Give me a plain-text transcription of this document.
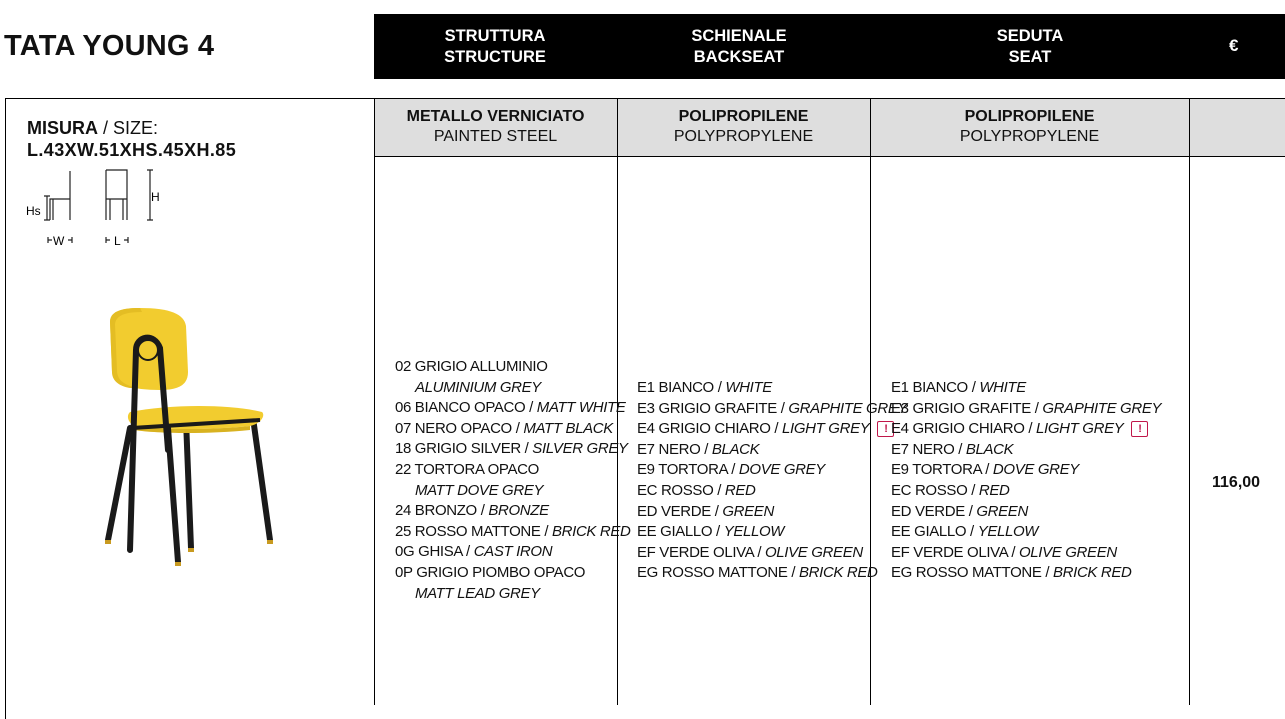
TATA YOUNG 4	STRUTTURA
STRUCTURE
SCHIENALE
BACKSEAT
SEDUTA
SEAT
€
MISURA / SIZE:
L.43XW.51XHS.45XH.85
Hs
H
W	L
METALLO VERNICIATO
PAINTED STEEL
POLIPROPILENE
POLYPROPYLENE
POLIPROPILENE
POLYPROPYLENE
02 GRIGIO ALLUMINIO
ALUMINIUM GREY
06 BIANCO OPACO / MATT WHITE
07 NERO OPACO / MATT BLACK
18 GRIGIO SILVER / SILVER GREY
22 TORTORA OPACO
MATT DOVE GREY
24 BRONZO / BRONZE
25 ROSSO MATTONE / BRICK RED
0G GHISA / CAST IRON
0P GRIGIO PIOMBO OPACO
MATT LEAD GREY
E1 BIANCO / WHITE
E3 GRIGIO GRAFITE / GRAPHITE GREY
E4 GRIGIO CHIARO / LIGHT GREY !
E7 NERO / BLACK
E9 TORTORA / DOVE GREY
EC ROSSO / RED
ED VERDE / GREEN
EE GIALLO / YELLOW
EF VERDE OLIVA / OLIVE GREEN
EG ROSSO MATTONE / BRICK RED
E1 BIANCO / WHITE
E3 GRIGIO GRAFITE / GRAPHITE GREY
E4 GRIGIO CHIARO / LIGHT GREY !
E7 NERO / BLACK
E9 TORTORA / DOVE GREY
EC ROSSO / RED
ED VERDE / GREEN
EE GIALLO / YELLOW
EF VERDE OLIVA / OLIVE GREEN
EG ROSSO MATTONE / BRICK RED
116,00
